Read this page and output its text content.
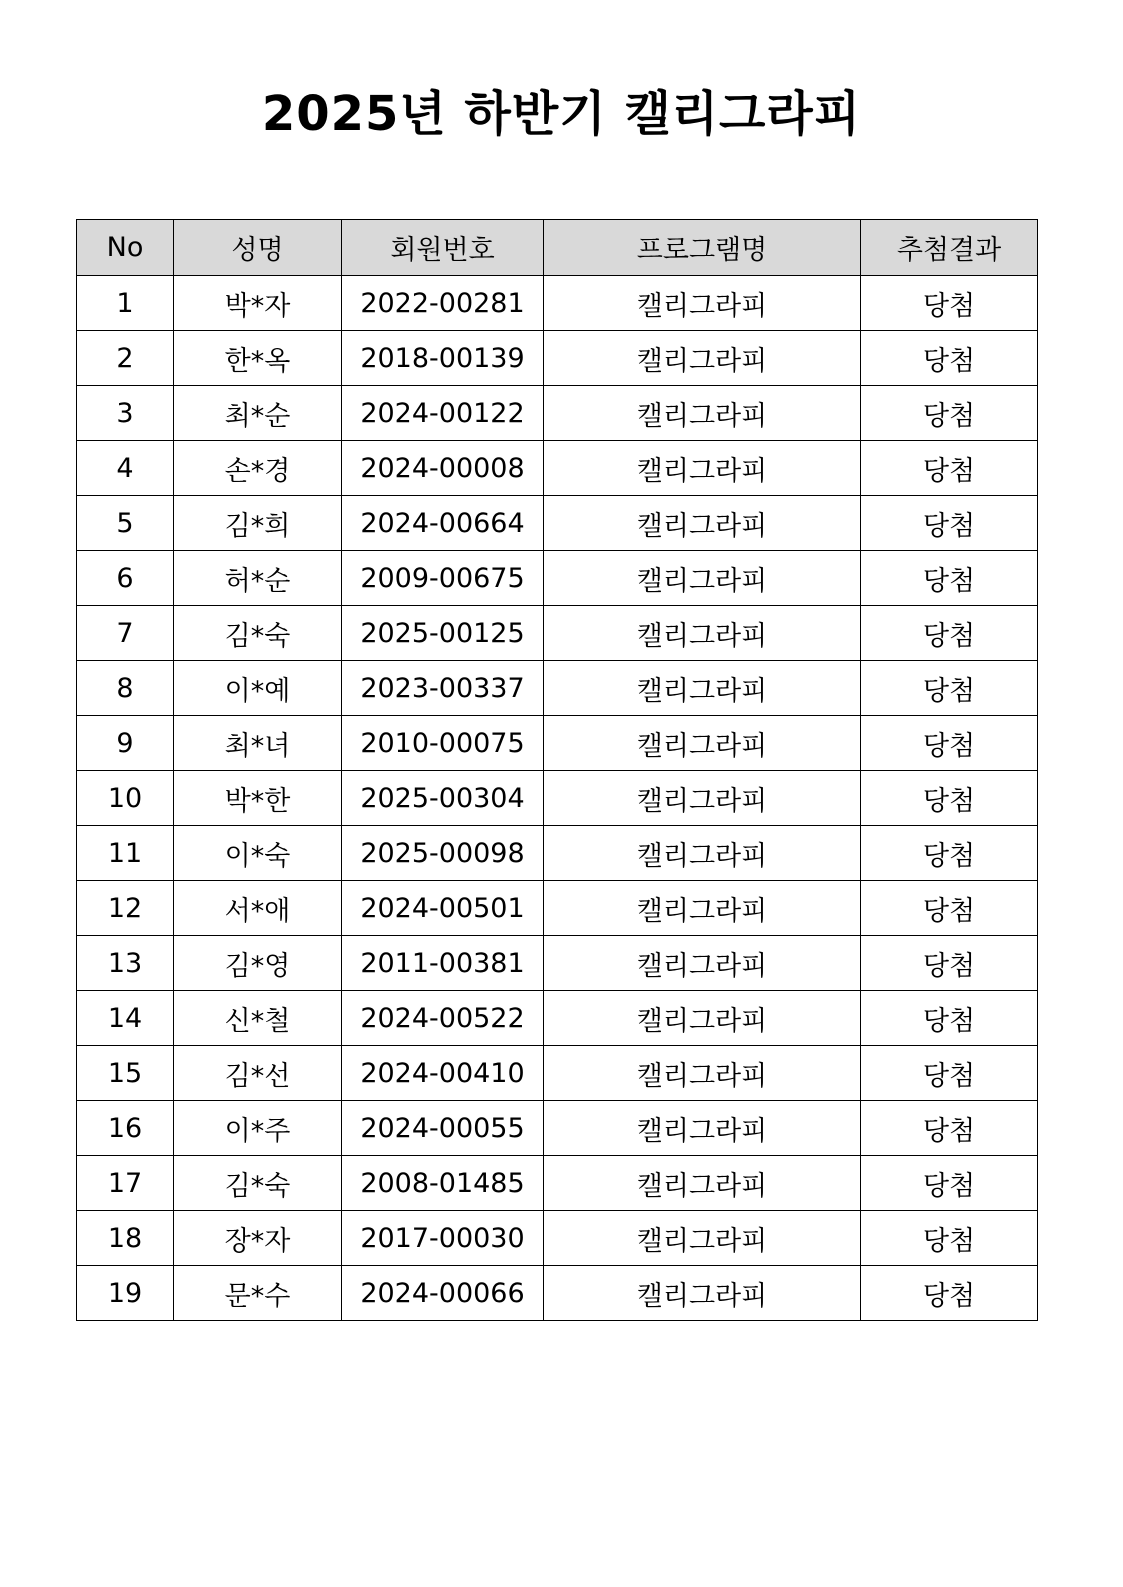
2025년 하반기 캘리그라피
No	성명	회원번호	프로그램명	추첨결과
1	박*자	2022-00281	캘리그라피	당첨
2	한*옥	2018-00139	캘리그라피	당첨
3	최*순	2024-00122	캘리그라피	당첨
4	손*경	2024-00008	캘리그라피	당첨
5	김*희	2024-00664	캘리그라피	당첨
6	허*순	2009-00675	캘리그라피	당첨
7	김*숙	2025-00125	캘리그라피	당첨
8	이*예	2023-00337	캘리그라피	당첨
9	최*녀	2010-00075	캘리그라피	당첨
10	박*한	2025-00304	캘리그라피	당첨
11	이*숙	2025-00098	캘리그라피	당첨
12	서*애	2024-00501	캘리그라피	당첨
13	김*영	2011-00381	캘리그라피	당첨
14	신*철	2024-00522	캘리그라피	당첨
15	김*선	2024-00410	캘리그라피	당첨
16	이*주	2024-00055	캘리그라피	당첨
17	김*숙	2008-01485	캘리그라피	당첨
18	장*자	2017-00030	캘리그라피	당첨
19	문*수	2024-00066	캘리그라피	당첨
